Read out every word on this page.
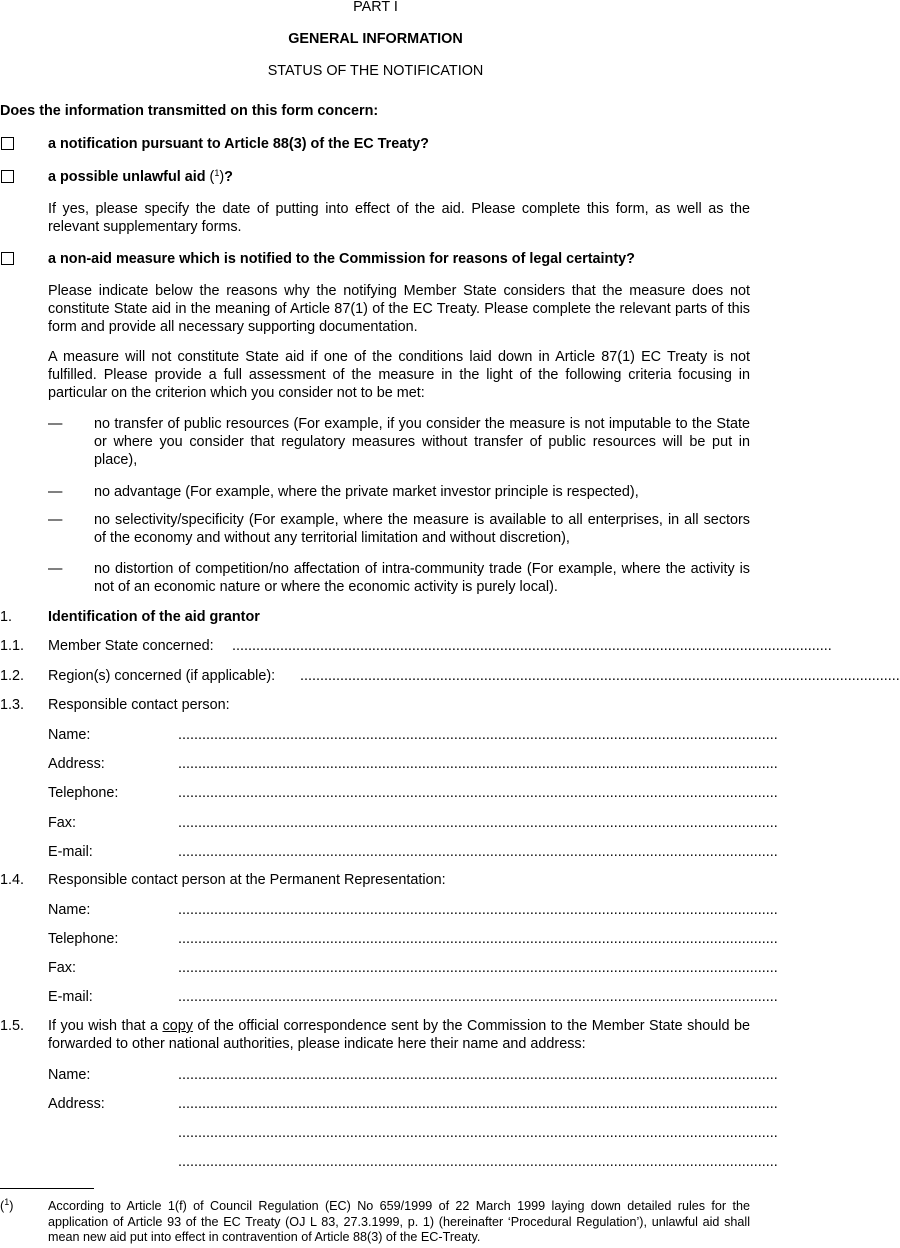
PART I
GENERAL INFORMATION
STATUS OF THE NOTIFICATION
Does the information transmitted on this form concern:
a notification pursuant to Article 88(3) of the EC Treaty?
a possible unlawful aid ($^1$)?
If yes, please specify the date of putting into effect of the aid. Please complete this form, as well as the relevant supplementary forms.
a non-aid measure which is notified to the Commission for reasons of legal certainty?
Please indicate below the reasons why the notifying Member State considers that the measure does not constitute State aid in the meaning of Article 87(1) of the EC Treaty. Please complete the relevant parts of this form and provide all necessary supporting documentation.
A measure will not constitute State aid if one of the conditions laid down in Article 87(1) EC Treaty is not fulfilled. Please provide a full assessment of the measure in the light of the following criteria focusing in particular on the criterion which you consider not to be met:
— no transfer of public resources (For example, if you consider the measure is not imputable to the State or where you consider that regulatory measures without transfer of public resources will be put in place),
— no advantage (For example, where the private market investor principle is respected),
— no selectivity/specificity (For example, where the measure is available to all enterprises, in all sectors of the economy and without any territorial limitation and without discretion),
— no distortion of competition/no affectation of intra-community trade (For example, where the activity is not of an economic nature or where the economic activity is purely local).
1. Identification of the aid grantor
1.1. Member State concerned: ......................................................................................................................................................
1.2. Region(s) concerned (if applicable): ......................................................................................................................................................
1.3. Responsible contact person:
Name:	......................................................................................................................................................
Address:	......................................................................................................................................................
Telephone:	......................................................................................................................................................
Fax:	......................................................................................................................................................
E-mail:	......................................................................................................................................................
1.4. Responsible contact person at the Permanent Representation:
Name:	......................................................................................................................................................
Telephone:	......................................................................................................................................................
Fax:	......................................................................................................................................................
E-mail:	......................................................................................................................................................
1.5. If you wish that a copy of the official correspondence sent by the Commission to the Member State should be forwarded to other national authorities, please indicate here their name and address:
Name:	......................................................................................................................................................
Address:	......................................................................................................................................................
......................................................................................................................................................
......................................................................................................................................................
($^1$)	According to Article 1(f) of Council Regulation (EC) No 659/1999 of 22 March 1999 laying down detailed rules for the application of Article 93 of the EC Treaty (OJ L 83, 27.3.1999, p. 1) (hereinafter ‘Procedural Regulation’), unlawful aid shall mean new aid put into effect in contravention of Article 88(3) of the EC-Treaty.
